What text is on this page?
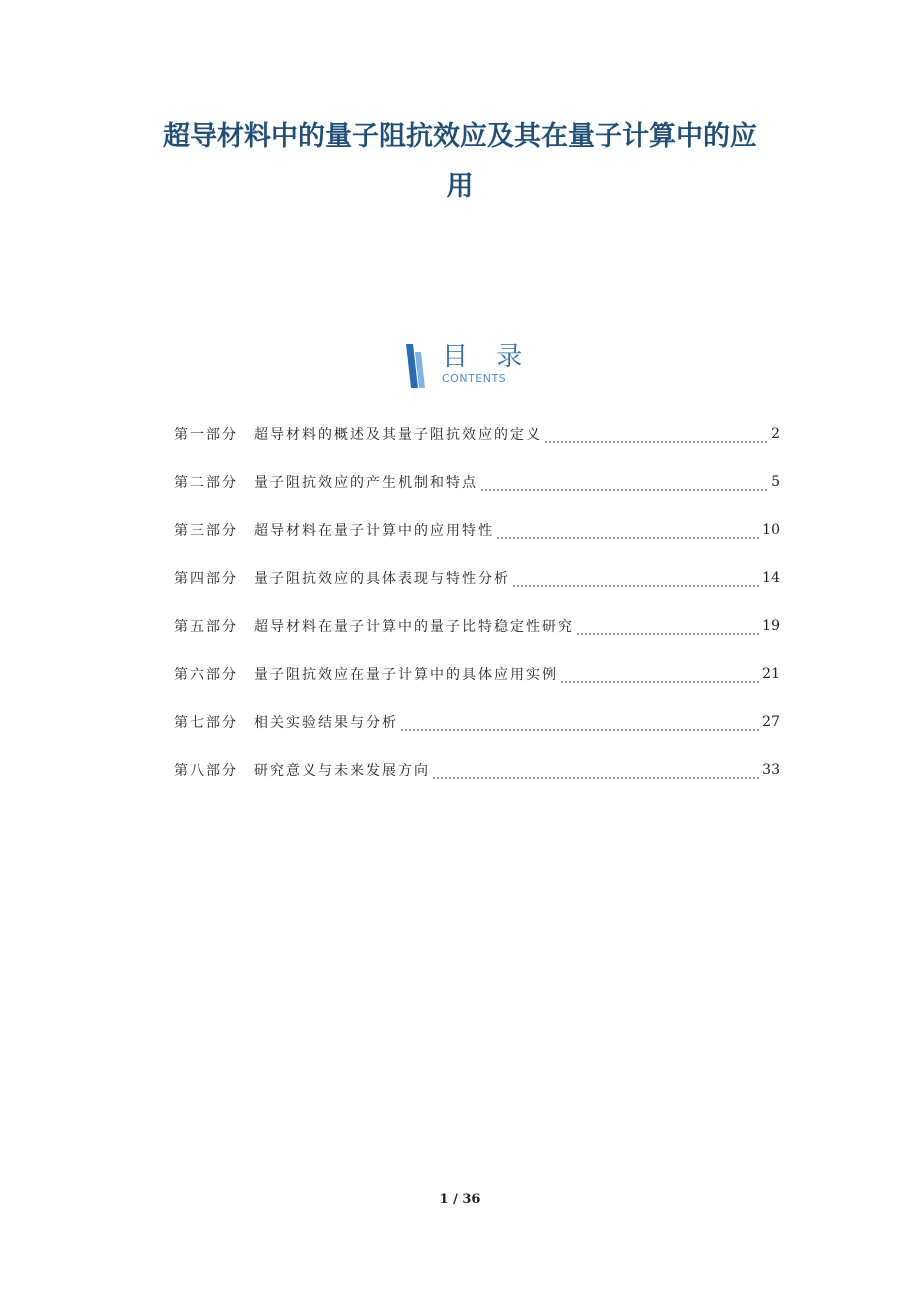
超导材料中的量子阻抗效应及其在量子计算中的应
用
目 录
CONTENTS
第一部分	超导材料的概述及其量子阻抗效应的定义	2
第二部分	量子阻抗效应的产生机制和特点	5
第三部分	超导材料在量子计算中的应用特性	10
第四部分	量子阻抗效应的具体表现与特性分析	14
第五部分	超导材料在量子计算中的量子比特稳定性研究	19
第六部分	量子阻抗效应在量子计算中的具体应用实例	21
第七部分	相关实验结果与分析	27
第八部分	研究意义与未来发展方向	33
1 / 36
